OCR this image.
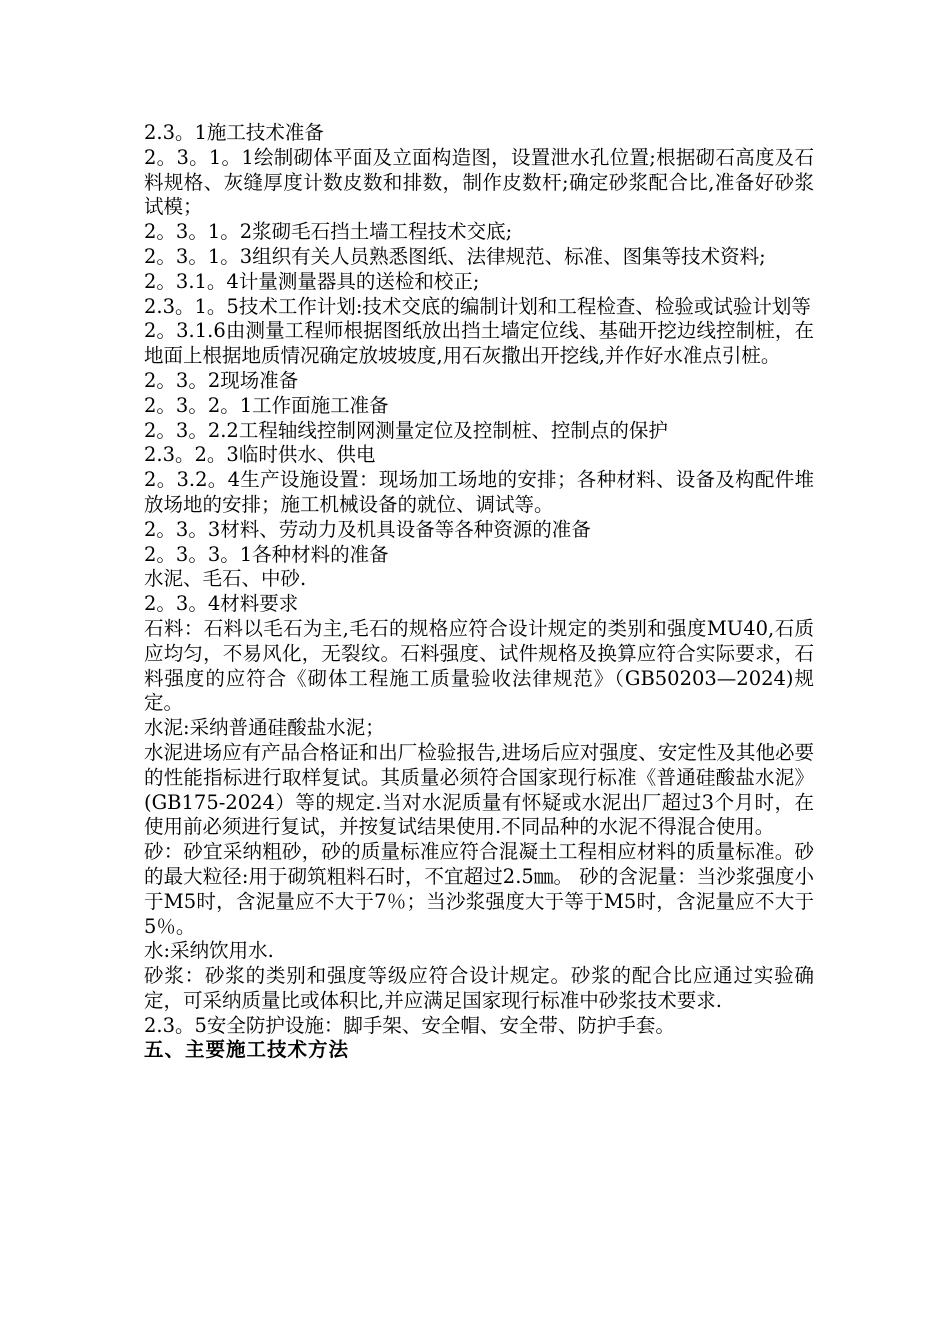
2.3。1施工技术准备

2。3。1。1绘制砌体平面及立面构造图，设置泄水孔位置;根据砌石高度及石料规格、灰缝厚度计数皮数和排数，制作皮数杆;确定砂浆配合比,准备好砂浆试模；

2。3。1。2浆砌毛石挡土墙工程技术交底;

2。3。1。3组织有关人员熟悉图纸、法律规范、标准、图集等技术资料;

2。3.1。4计量测量器具的送检和校正;

2.3。1。5技术工作计划:技术交底的编制计划和工程检查、检验或试验计划等

2。3.1.6由测量工程师根据图纸放出挡土墙定位线、基础开挖边线控制桩，在地面上根据地质情况确定放坡坡度,用石灰撒出开挖线,并作好水准点引桩。

2。3。2现场准备

2。3。2。1工作面施工准备

2。3。2.2工程轴线控制网测量定位及控制桩、控制点的保护

2.3。2。3临时供水、供电

2。3.2。4生产设施设置：现场加工场地的安排；各种材料、设备及构配件堆放场地的安排；施工机械设备的就位、调试等。

2。3。3材料、劳动力及机具设备等各种资源的准备

2。3。3。1各种材料的准备

水泥、毛石、中砂.

2。3。4材料要求

石料：石料以毛石为主,毛石的规格应符合设计规定的类别和强度MU40,石质应均匀，不易风化，无裂纹。石料强度、试件规格及换算应符合实际要求，石料强度的应符合《砌体工程施工质量验收法律规范》（GB50203—2024)规定。

水泥:采纳普通硅酸盐水泥；

水泥进场应有产品合格证和出厂检验报告,进场后应对强度、安定性及其他必要的性能指标进行取样复试。其质量必须符合国家现行标准《普通硅酸盐水泥》(GB175-2024）等的规定.当对水泥质量有怀疑或水泥出厂超过3个月时，在使用前必须进行复试，并按复试结果使用.不同品种的水泥不得混合使用。

砂：砂宜采纳粗砂，砂的质量标准应符合混凝土工程相应材料的质量标准。砂的最大粒径:用于砌筑粗料石时，不宜超过2.5㎜。 砂的含泥量：当沙浆强度小于M5时，含泥量应不大于7％；当沙浆强度大于等于M5时，含泥量应不大于5％。

水:采纳饮用水.

砂浆：砂浆的类别和强度等级应符合设计规定。砂浆的配合比应通过实验确定，可采纳质量比或体积比,并应满足国家现行标准中砂浆技术要求.

2.3。5安全防护设施：脚手架、安全帽、安全带、防护手套。

五、主要施工技术方法
